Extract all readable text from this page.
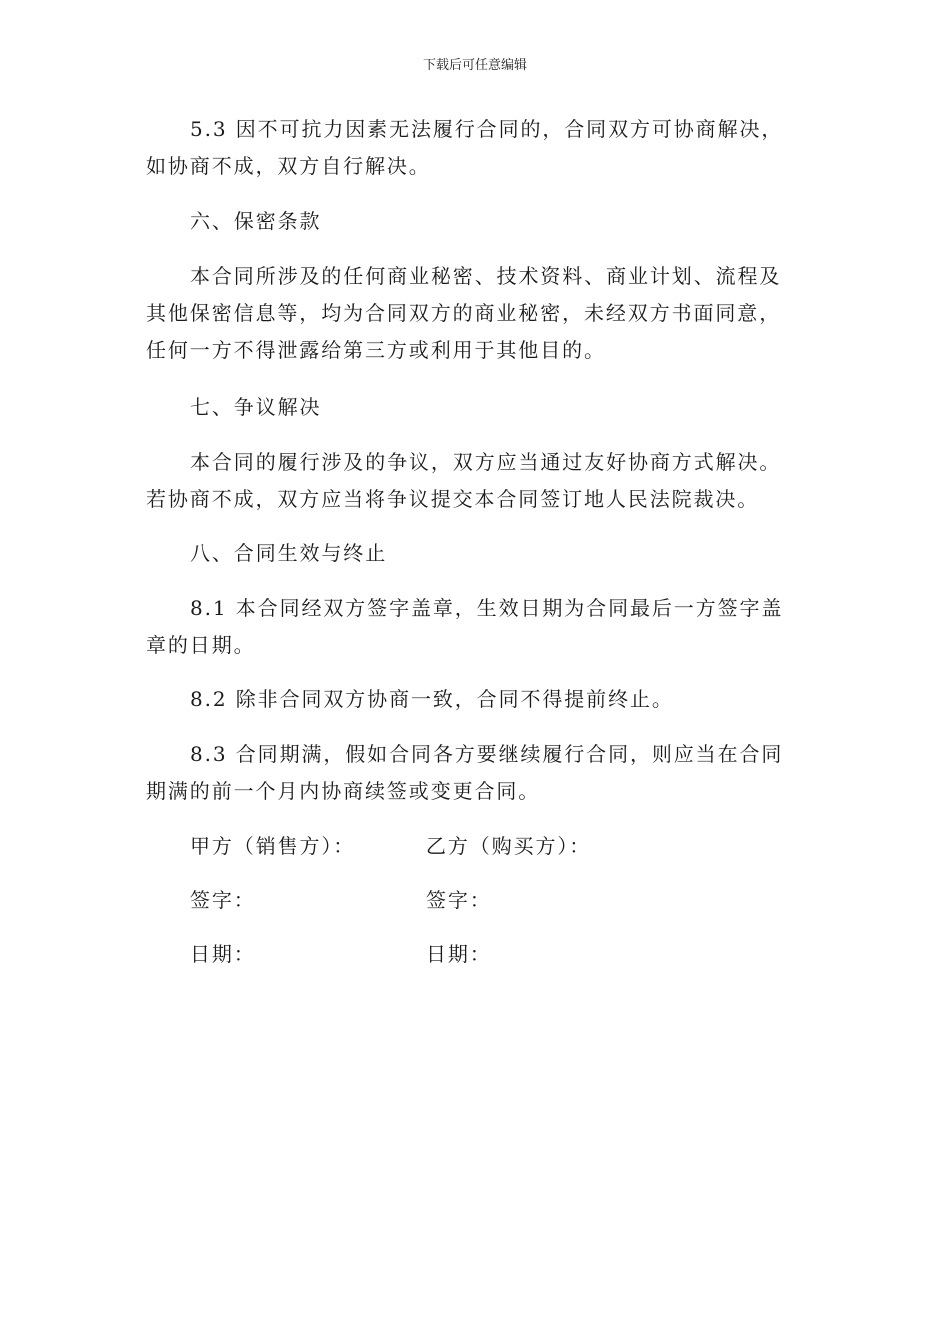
下载后可任意编辑

5.3 因不可抗力因素无法履行合同的，合同双方可协商解决，如协商不成，双方自行解决。

六、保密条款

本合同所涉及的任何商业秘密、技术资料、商业计划、流程及其他保密信息等，均为合同双方的商业秘密，未经双方书面同意，任何一方不得泄露给第三方或利用于其他目的。

七、争议解决

本合同的履行涉及的争议，双方应当通过友好协商方式解决。若协商不成，双方应当将争议提交本合同签订地人民法院裁决。

八、合同生效与终止

8.1 本合同经双方签字盖章，生效日期为合同最后一方签字盖章的日期。

8.2 除非合同双方协商一致，合同不得提前终止。

8.3 合同期满，假如合同各方要继续履行合同，则应当在合同期满的前一个月内协商续签或变更合同。

甲方（销售方）：	乙方（购买方）：
签字：	签字：
日期：	日期：
